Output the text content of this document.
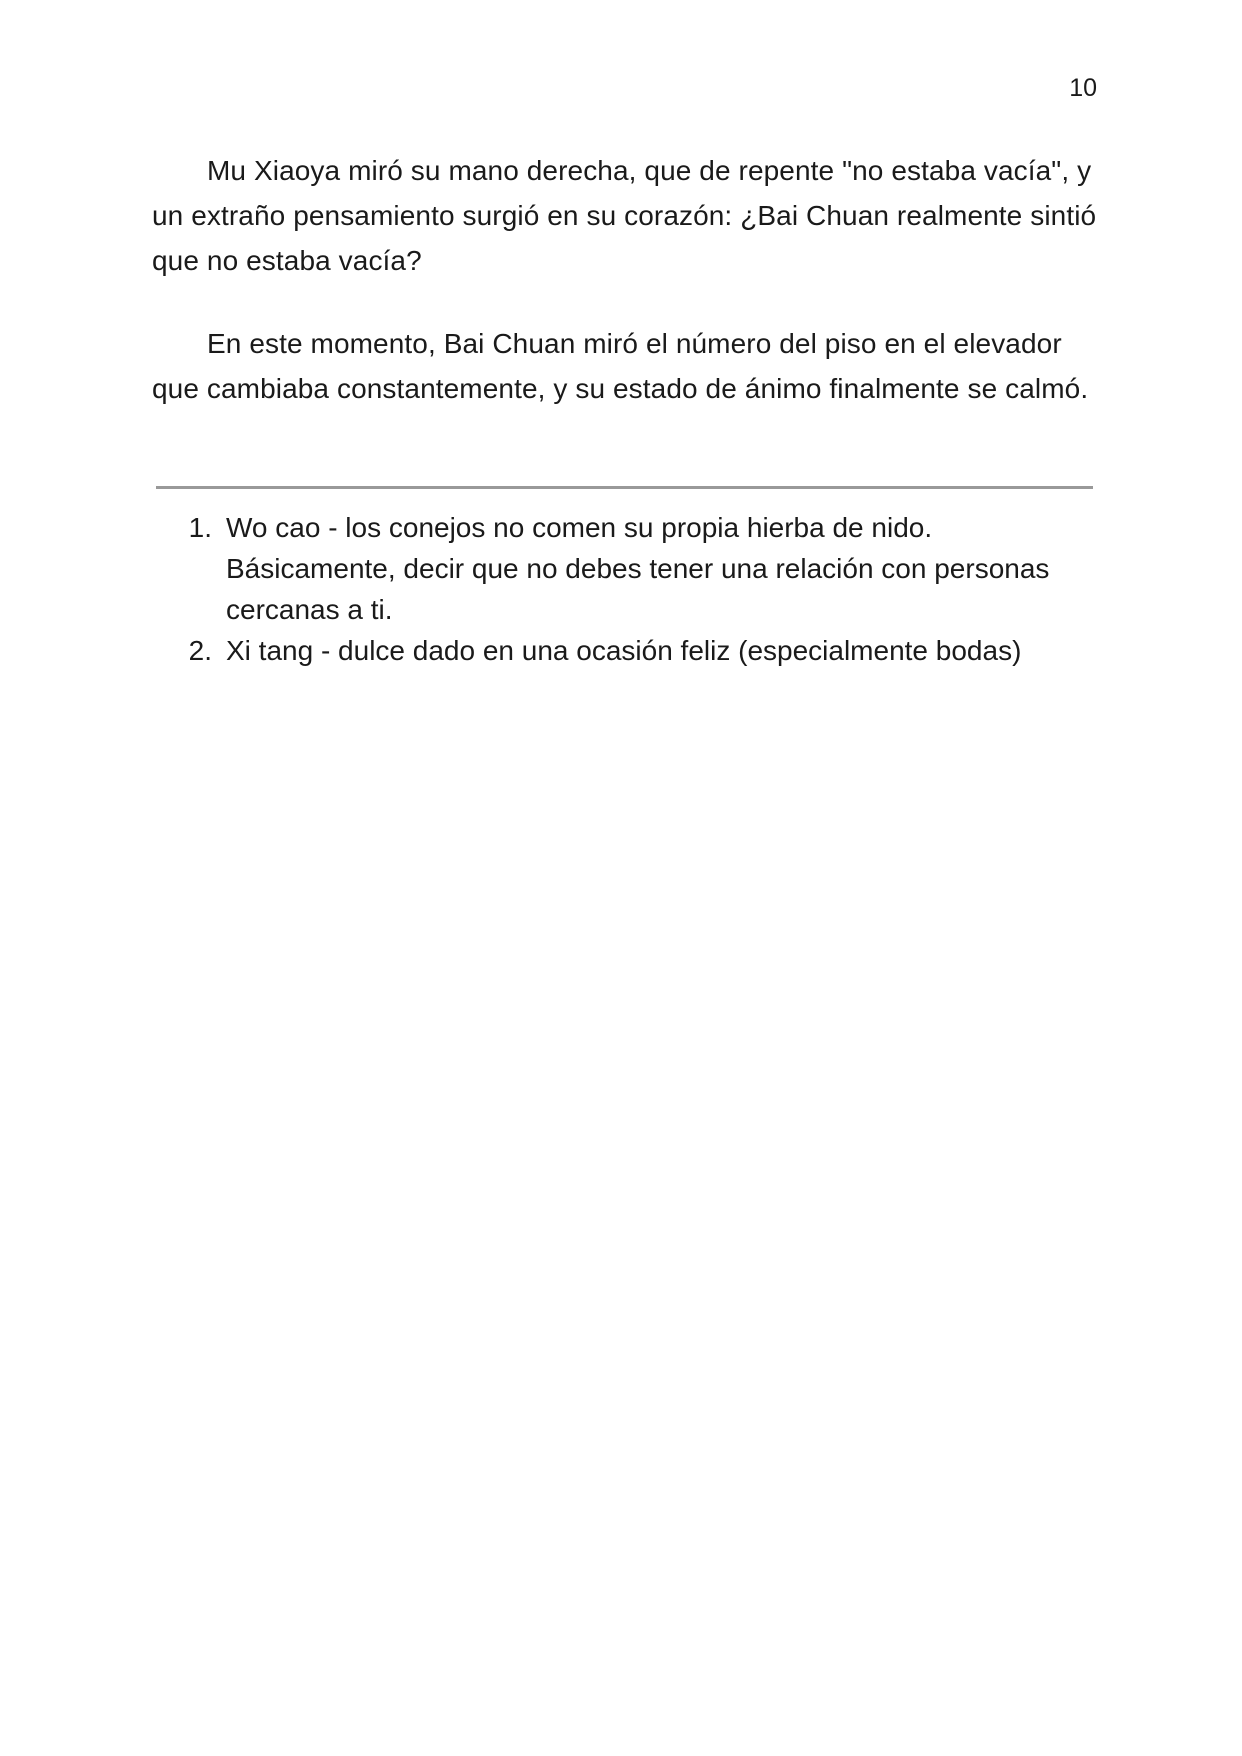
10

Mu Xiaoya miró su mano derecha, que de repente "no estaba vacía", y un extraño pensamiento surgió en su corazón: ¿Bai Chuan realmente sintió que no estaba vacía?

En este momento, Bai Chuan miró el número del piso en el elevador que cambiaba constantemente, y su estado de ánimo finalmente se calmó.

1. Wo cao - los conejos no comen su propia hierba de nido. Básicamente, decir que no debes tener una relación con personas cercanas a ti.
2. Xi tang - dulce dado en una ocasión feliz (especialmente bodas)
